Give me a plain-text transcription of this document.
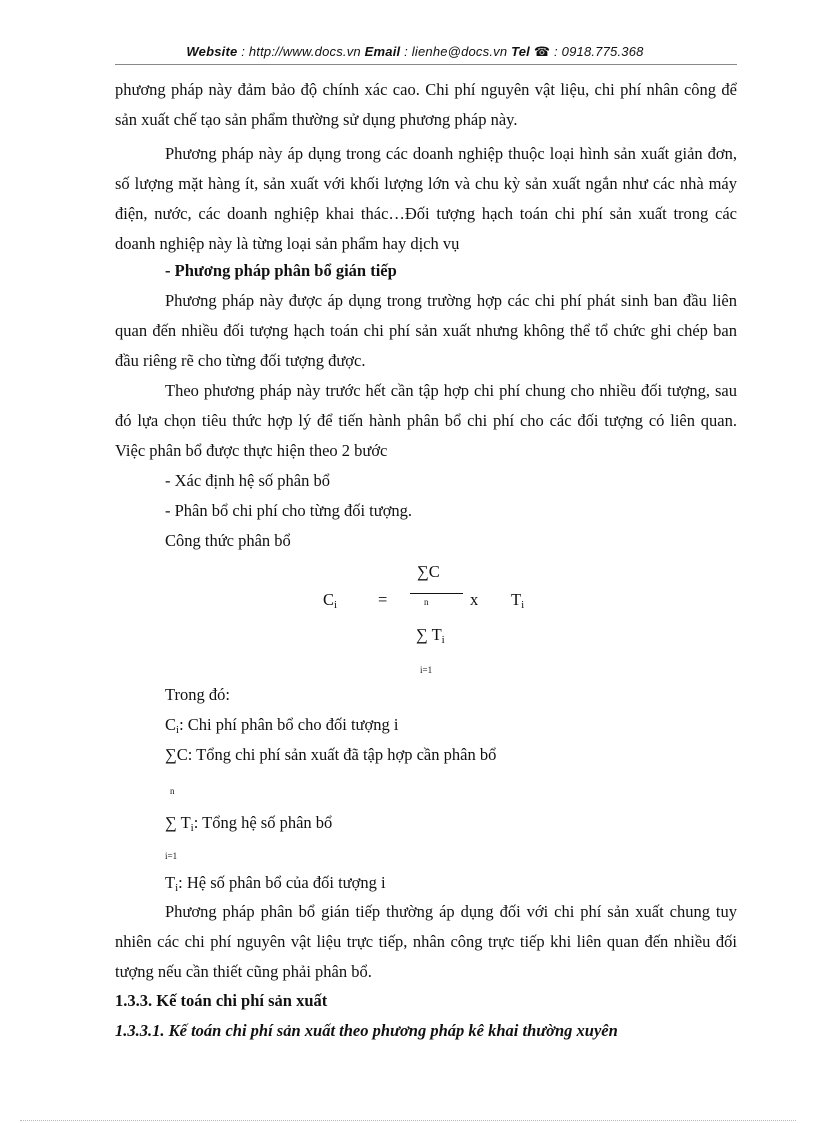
Website : http://www.docs.vn Email : lienhe@docs.vn Tel ☎ : 0918.775.368
phương pháp này đảm bảo độ chính xác cao. Chi phí nguyên vật liệu, chi phí nhân công để sản xuất chế tạo sản phẩm thường sử dụng phương pháp này.
Phương pháp này áp dụng trong các doanh nghiệp thuộc loại hình sản xuất giản đơn, số lượng mặt hàng ít, sản xuất với khối lượng lớn và chu kỳ sản xuất ngắn như các nhà máy điện, nước, các doanh nghiệp khai thác…Đối tượng hạch toán chi phí sản xuất trong các doanh nghiệp này là từng loại sản phẩm hay dịch vụ
- Phương pháp phân bổ gián tiếp
Phương pháp này được áp dụng trong trường hợp các chi phí phát sinh ban đầu liên quan đến nhiều đối tượng hạch toán chi phí sản xuất nhưng không thể tổ chức ghi chép ban đầu riêng rẽ cho từng đối tượng được.
Theo phương pháp này trước hết cần tập hợp chi phí chung cho nhiều đối tượng, sau đó lựa chọn tiêu thức hợp lý để tiến hành phân bổ chi phí cho các đối tượng có liên quan. Việc phân bổ được thực hiện theo 2 bước
- Xác định hệ số phân bổ
- Phân bổ chi phí cho từng đối tượng.
Công thức phân bổ
$C_i$ =
∑C
n	x $T_i$
∑ $T_i$
i=1
Trong đó:
$C_i$: Chi phí phân bổ cho đối tượng i
∑C: Tổng chi phí sản xuất đã tập hợp cần phân bổ
n
∑ $T_i$: Tổng hệ số phân bổ
i=1
$T_i$: Hệ số phân bổ của đối tượng i
Phương pháp phân bổ gián tiếp thường áp dụng đối với chi phí sản xuất chung tuy nhiên các chi phí nguyên vật liệu trực tiếp, nhân công trực tiếp khi liên quan đến nhiều đối tượng nếu cần thiết cũng phải phân bổ.
1.3.3. Kế toán chi phí sản xuất
1.3.3.1. Kế toán chi phí sản xuất theo phương pháp kê khai thường xuyên
